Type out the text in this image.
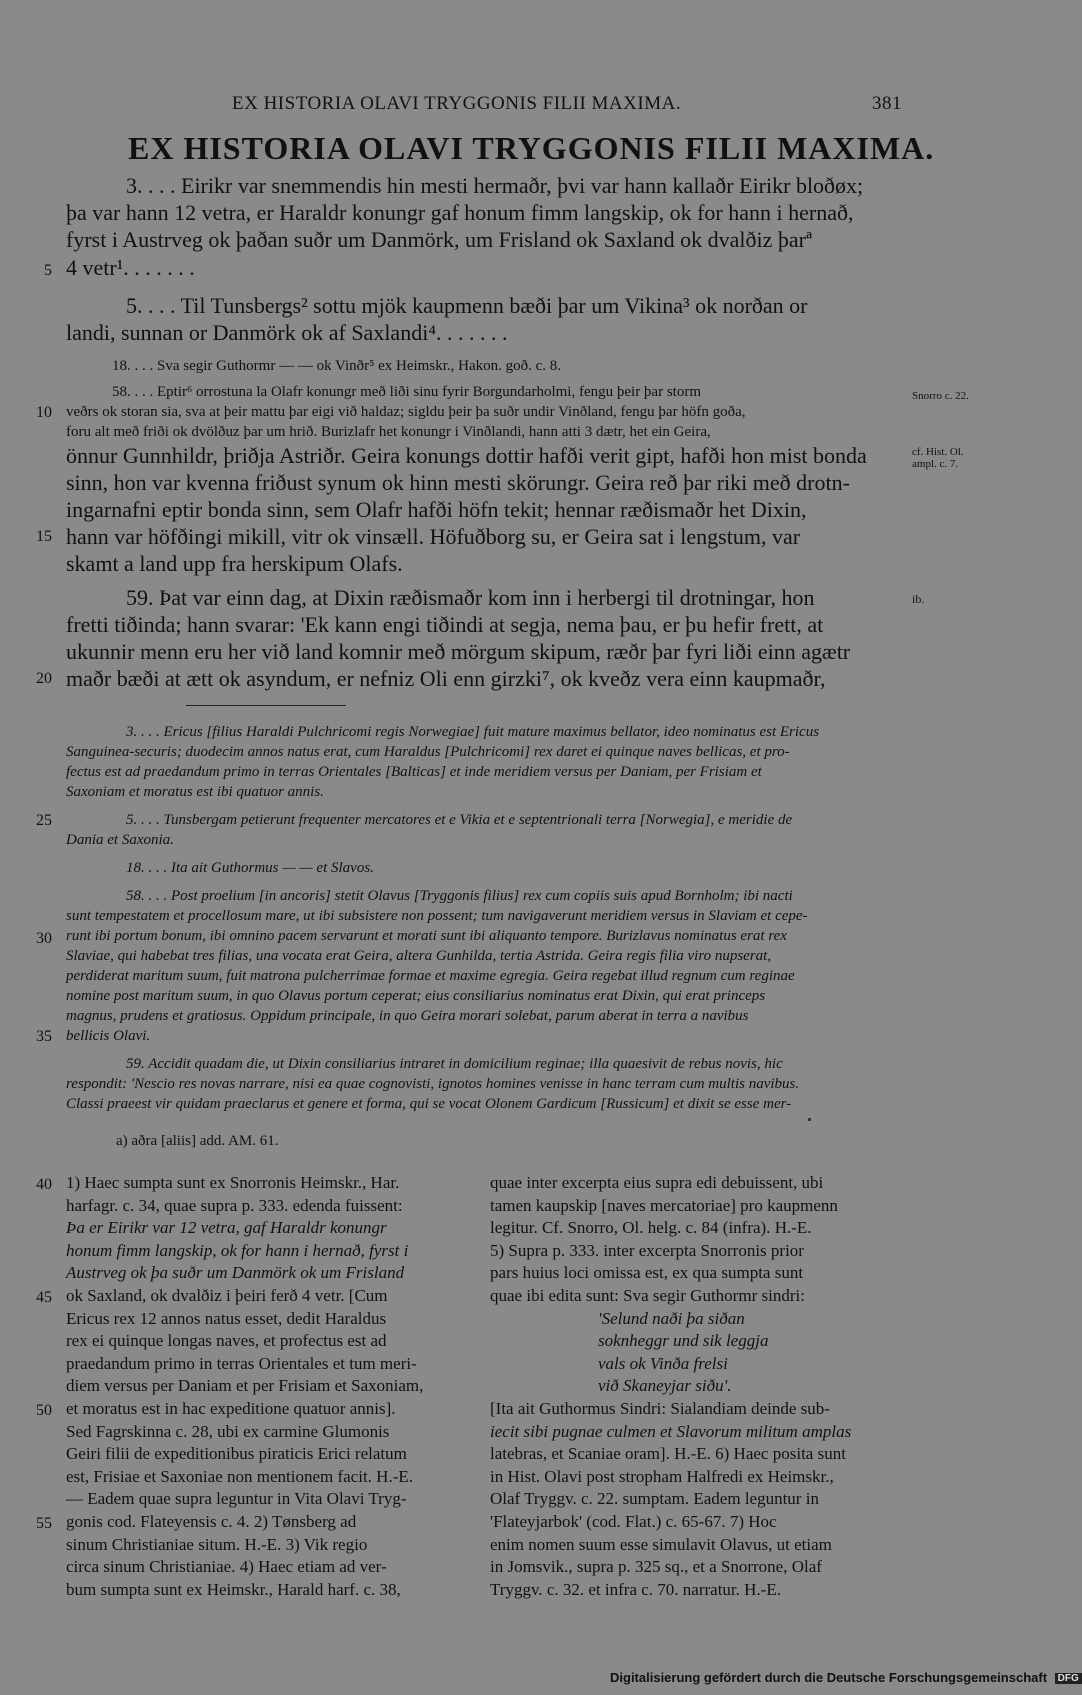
EX HISTORIA OLAVI TRYGGONIS FILII MAXIMA.	381
EX HISTORIA OLAVI TRYGGONIS FILII MAXIMA.
3. . . . Eirikr var snemmendis hin mesti hermaðr, þvi var hann kallaðr Eirikr bloðøx;
þa var hann 12 vetra, er Haraldr konungr gaf honum fimm langskip, ok for hann i hernað,
fyrst i Austrveg ok þaðan suðr um Danmörk, um Frisland ok Saxland ok dvalðiz þarª
4 vetr¹. . . . . . .
5. . . . Til Tunsbergs² sottu mjök kaupmenn bæði þar um Vikina³ ok norðan or
landi, sunnan or Danmörk ok af Saxlandi⁴. . . . . . .
18. . . . Sva segir Guthormr — — ok Vinðr⁵ ex Heimskr., Hakon. goð. c. 8.
58. . . . Eptir⁶ orrostuna la Olafr konungr með liði sinu fyrir Borgundarholmi, fengu þeir þar storm
veðrs ok storan sia, sva at þeir mattu þar eigi við haldaz; sigldu þeir þa suðr undir Vinðland, fengu þar höfn goða,
foru alt með friði ok dvölðuz þar um hrið. Burizlafr het konungr i Vinðlandi, hann atti 3 dætr, het ein Geira,
önnur Gunnhildr, þriðja Astriðr. Geira konungs dottir hafði verit gipt, hafði hon mist bonda
sinn, hon var kvenna friðust synum ok hinn mesti skörungr. Geira reð þar riki með drotn-
ingarnafni eptir bonda sinn, sem Olafr hafði höfn tekit; hennar ræðismaðr het Dixin,
hann var höfðingi mikill, vitr ok vinsæll. Höfuðborg su, er Geira sat i lengstum, var
skamt a land upp fra herskipum Olafs.
59. Þat var einn dag, at Dixin ræðismaðr kom inn i herbergi til drotningar, hon
fretti tiðinda; hann svarar: 'Ek kann engi tiðindi at segja, nema þau, er þu hefir frett, at
ukunnir menn eru her við land komnir með mörgum skipum, ræðr þar fyri liði einn agætr
maðr bæði at ætt ok asyndum, er nefniz Oli enn girzki⁷, ok kveðz vera einn kaupmaðr,
3. . . . Ericus [filius Haraldi Pulchricomi regis Norwegiae] fuit mature maximus bellator, ideo nominatus est Ericus
Sanguinea-securis; duodecim annos natus erat, cum Haraldus [Pulchricomi] rex daret ei quinque naves bellicas, et pro-
fectus est ad praedandum primo in terras Orientales [Balticas] et inde meridiem versus per Daniam, per Frisiam et
Saxoniam et moratus est ibi quatuor annis.
5. . . . Tunsbergam petierunt frequenter mercatores et e Vikia et e septentrionali terra [Norwegia], e meridie de
Dania et Saxonia.
18. . . . Ita ait Guthormus — — et Slavos.
58. . . . Post proelium [in ancoris] stetit Olavus [Tryggonis filius] rex cum copiis suis apud Bornholm; ibi nacti
sunt tempestatem et procellosum mare, ut ibi subsistere non possent; tum navigaverunt meridiem versus in Slaviam et cepe-
runt ibi portum bonum, ibi omnino pacem servarunt et morati sunt ibi aliquanto tempore. Burizlavus nominatus erat rex
Slaviae, qui habebat tres filias, una vocata erat Geira, altera Gunhilda, tertia Astrida. Geira regis filia viro nupserat,
perdiderat maritum suum, fuit matrona pulcherrimae formae et maxime egregia. Geira regebat illud regnum cum reginae
nomine post maritum suum, in quo Olavus portum ceperat; eius consiliarius nominatus erat Dixin, qui erat princeps
magnus, prudens et gratiosus. Oppidum principale, in quo Geira morari solebat, parum aberat in terra a navibus
bellicis Olavi.
59. Accidit quadam die, ut Dixin consiliarius intraret in domicilium reginae; illa quaesivit de rebus novis, hic
respondit: 'Nescio res novas narrare, nisi ea quae cognovisti, ignotos homines venisse in hanc terram cum multis navibus.
Classi praeest vir quidam praeclarus et genere et forma, qui se vocat Olonem Gardicum [Russicum] et dixit se esse mer-
5
10
15
20
25
30
35
40
45
50
55
Snorro c. 22.
cf. Hist. Ol. ampl. c. 7.
ib.
a) aðra [aliis] add. AM. 61.
1) Haec sumpta sunt ex Snorronis Heimskr., Har.
harfagr. c. 34, quae supra p. 333. edenda fuissent:
Þa er Eirikr var 12 vetra, gaf Haraldr konungr
honum fimm langskip, ok for hann i hernað, fyrst i
Austrveg ok þa suðr um Danmörk ok um Frisland
ok Saxland, ok dvalðiz i þeiri ferð 4 vetr. [Cum
Ericus rex 12 annos natus esset, dedit Haraldus
rex ei quinque longas naves, et profectus est ad
praedandum primo in terras Orientales et tum meri-
diem versus per Daniam et per Frisiam et Saxoniam,
et moratus est in hac expeditione quatuor annis].
Sed Fagrskinna c. 28, ubi ex carmine Glumonis
Geiri filii de expeditionibus piraticis Erici relatum
est, Frisiae et Saxoniae non mentionem facit. H.-E.
— Eadem quae supra leguntur in Vita Olavi Tryg-
gonis cod. Flateyensis c. 4. 2) Tønsberg ad
sinum Christianiae situm. H.-E. 3) Vik regio
circa sinum Christianiae. 4) Haec etiam ad ver-
bum sumpta sunt ex Heimskr., Harald harf. c. 38,
quae inter excerpta eius supra edi debuissent, ubi
tamen kaupskip [naves mercatoriae] pro kaupmenn
legitur. Cf. Snorro, Ol. helg. c. 84 (infra). H.-E.
5) Supra p. 333. inter excerpta Snorronis prior
pars huius loci omissa est, ex qua sumpta sunt
quae ibi edita sunt: Sva segir Guthormr sindri:
'Selund naði þa siðan
soknheggr und sik leggja
vals ok Vinða frelsi
við Skaneyjar siðu'.
[Ita ait Guthormus Sindri: Sialandiam deinde sub-
iecit sibi pugnae culmen et Slavorum militum amplas
latebras, et Scaniae oram]. H.-E. 6) Haec posita sunt
in Hist. Olavi post stropham Halfredi ex Heimskr.,
Olaf Tryggv. c. 22. sumptam. Eadem leguntur in
'Flateyjarbok' (cod. Flat.) c. 65-67. 7) Hoc
enim nomen suum esse simulavit Olavus, ut etiam
in Jomsvik., supra p. 325 sq., et a Snorrone, Olaf
Tryggv. c. 32. et infra c. 70. narratur. H.-E.
Digitalisierung gefördert durch die Deutsche Forschungsgemeinschaft DFG
